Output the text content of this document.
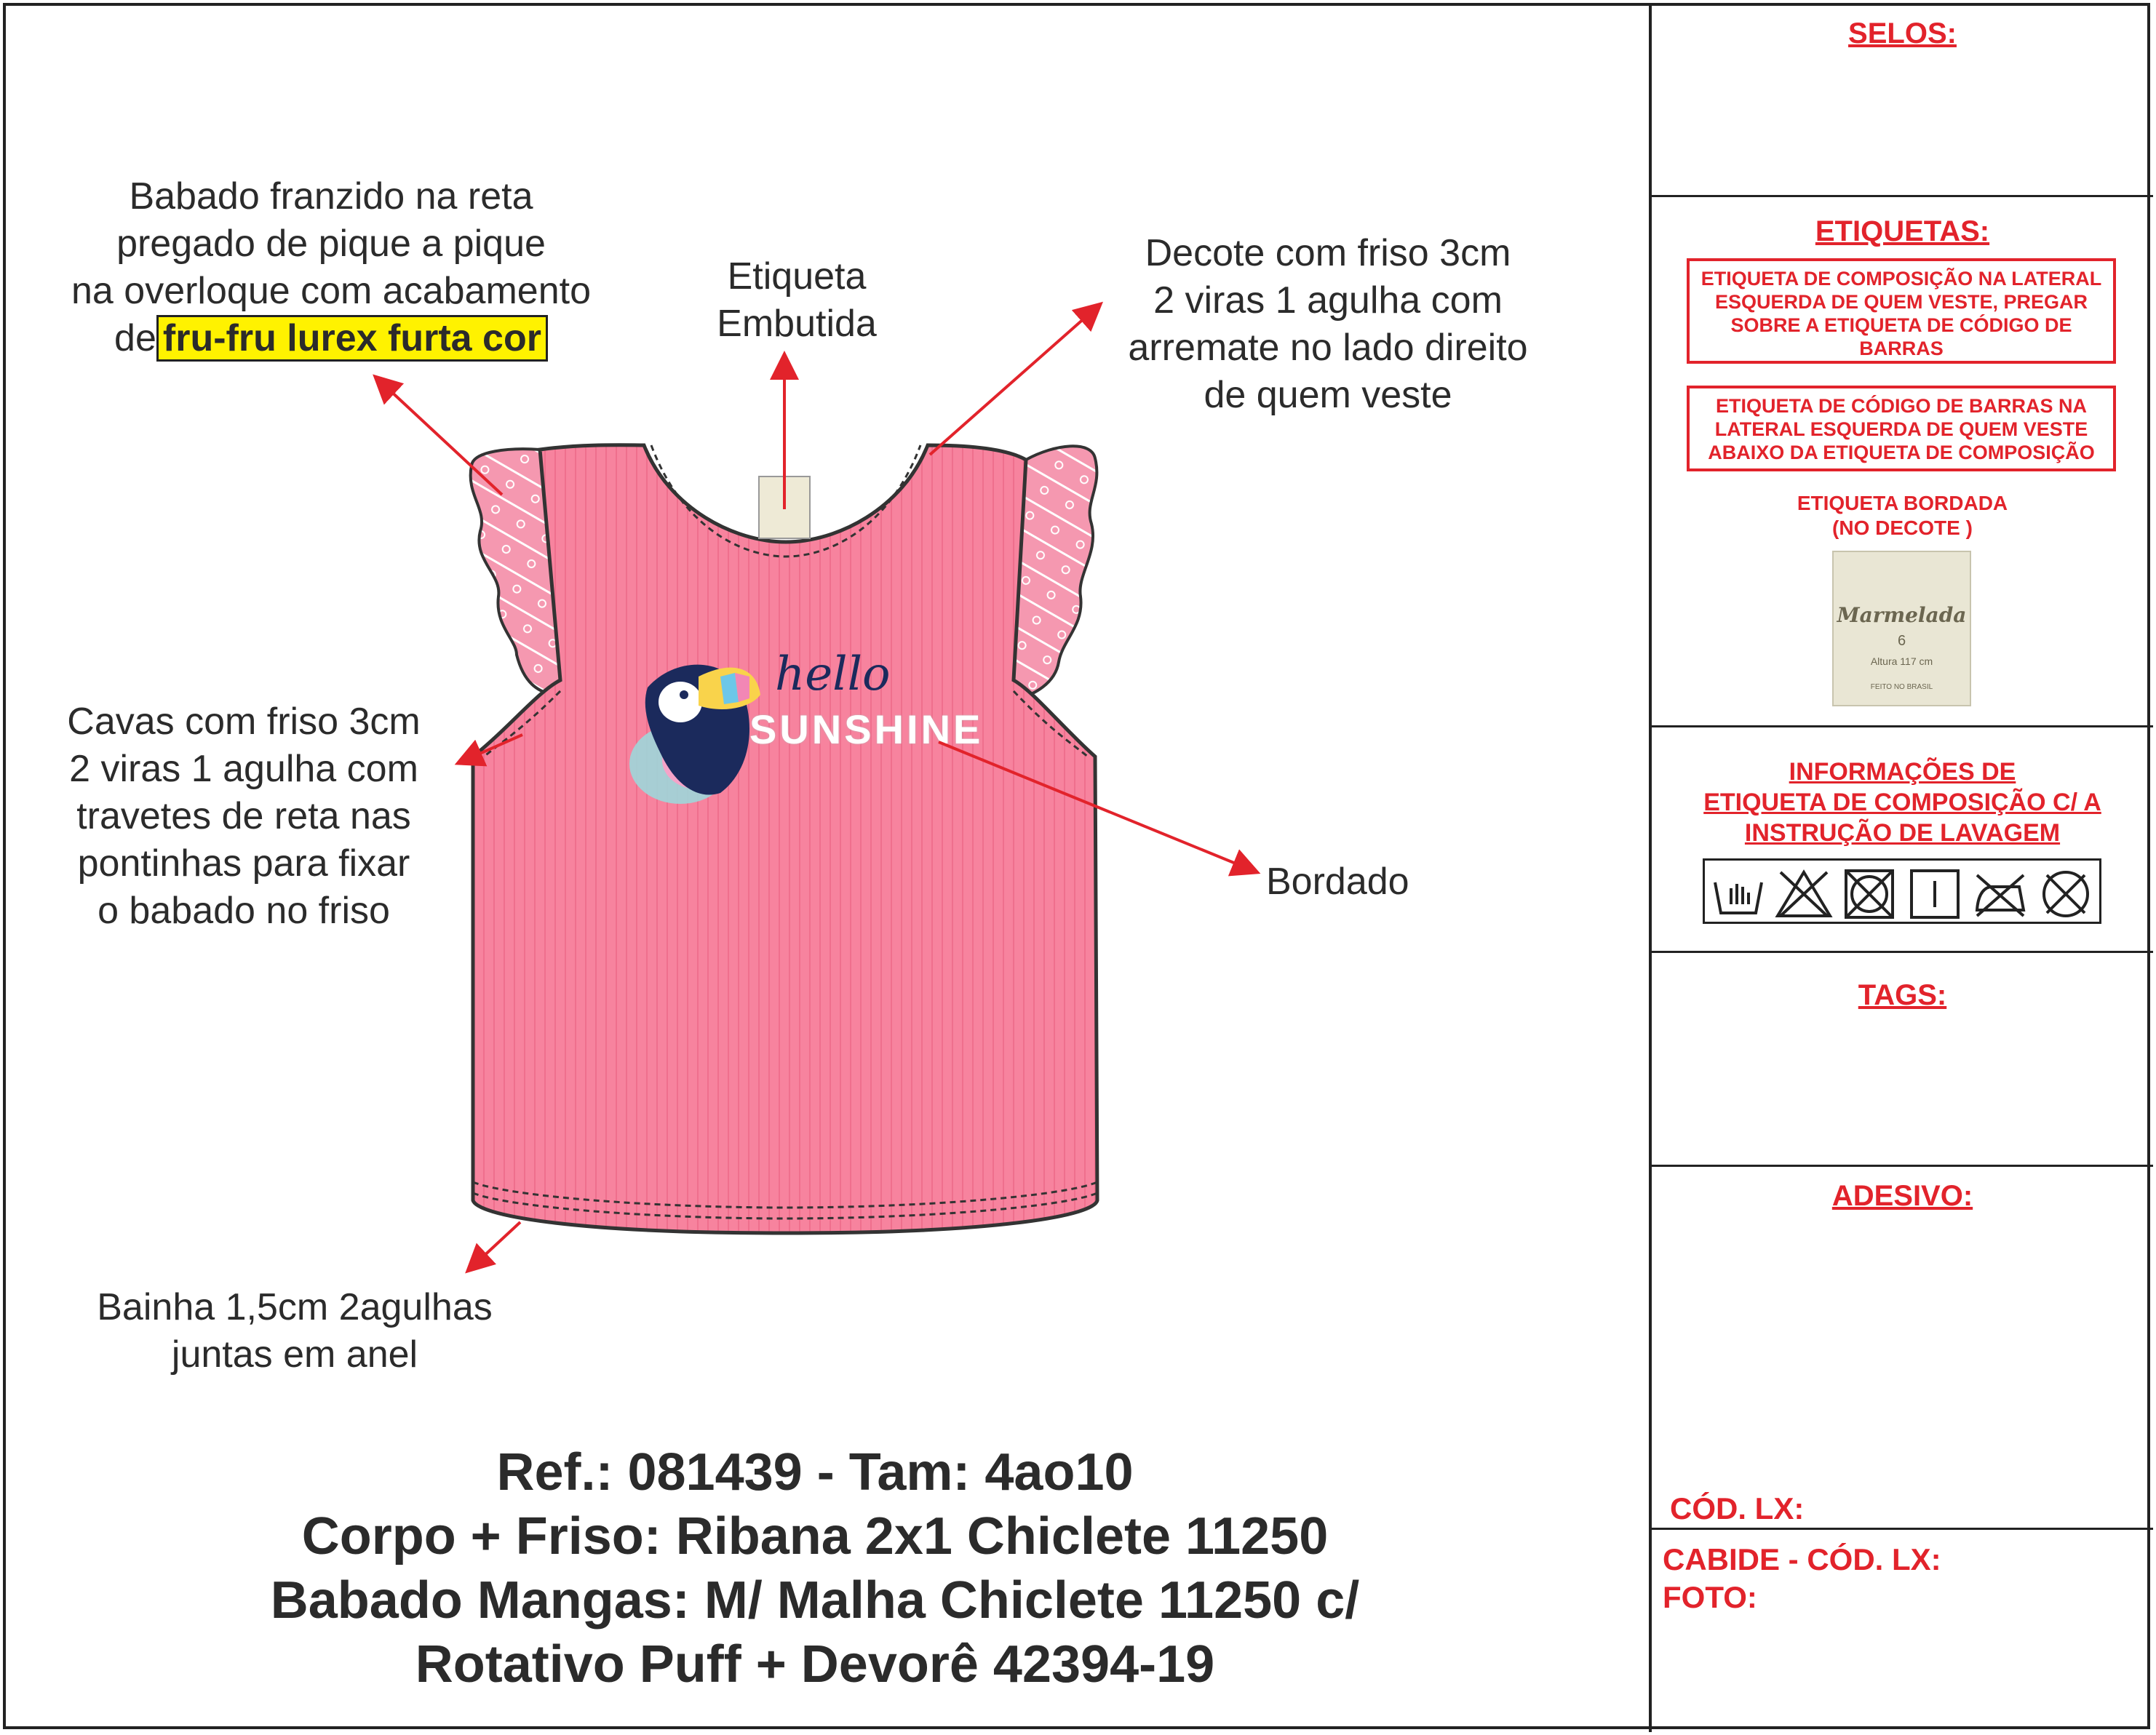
hello
SUNSHINE
Babado franzido na reta
pregado de pique a pique
na overloque com acabamento
de fru-fru lurex furta cor
Etiqueta
Embutida
Decote com friso 3cm
2 viras 1 agulha com
arremate no lado direito
de quem veste
Cavas com friso 3cm
2 viras 1 agulha com
travetes de reta nas
pontinhas para fixar
o babado no friso
Bordado
Bainha 1,5cm 2agulhas
juntas em anel
Ref.: 081439 - Tam: 4ao10
Corpo + Friso: Ribana 2x1 Chiclete 11250
Babado Mangas: M/ Malha Chiclete 11250 c/
Rotativo Puff + Devorê 42394-19
SELOS:
ETIQUETAS:
ETIQUETA DE COMPOSIÇÃO NA LATERAL ESQUERDA DE QUEM VESTE, PREGAR SOBRE A ETIQUETA DE CÓDIGO DE BARRAS
ETIQUETA DE CÓDIGO DE BARRAS NA LATERAL ESQUERDA DE QUEM VESTE ABAIXO DA ETIQUETA DE COMPOSIÇÃO
ETIQUETA BORDADA
(NO DECOTE )
Marmelada
6
Altura 117 cm
FEITO NO BRASIL
INFORMAÇÕES DE
ETIQUETA DE COMPOSIÇÃO C/ A
INSTRUÇÃO DE LAVAGEM
TAGS:
ADESIVO:
CÓD. LX:
CABIDE - CÓD. LX:
FOTO:
